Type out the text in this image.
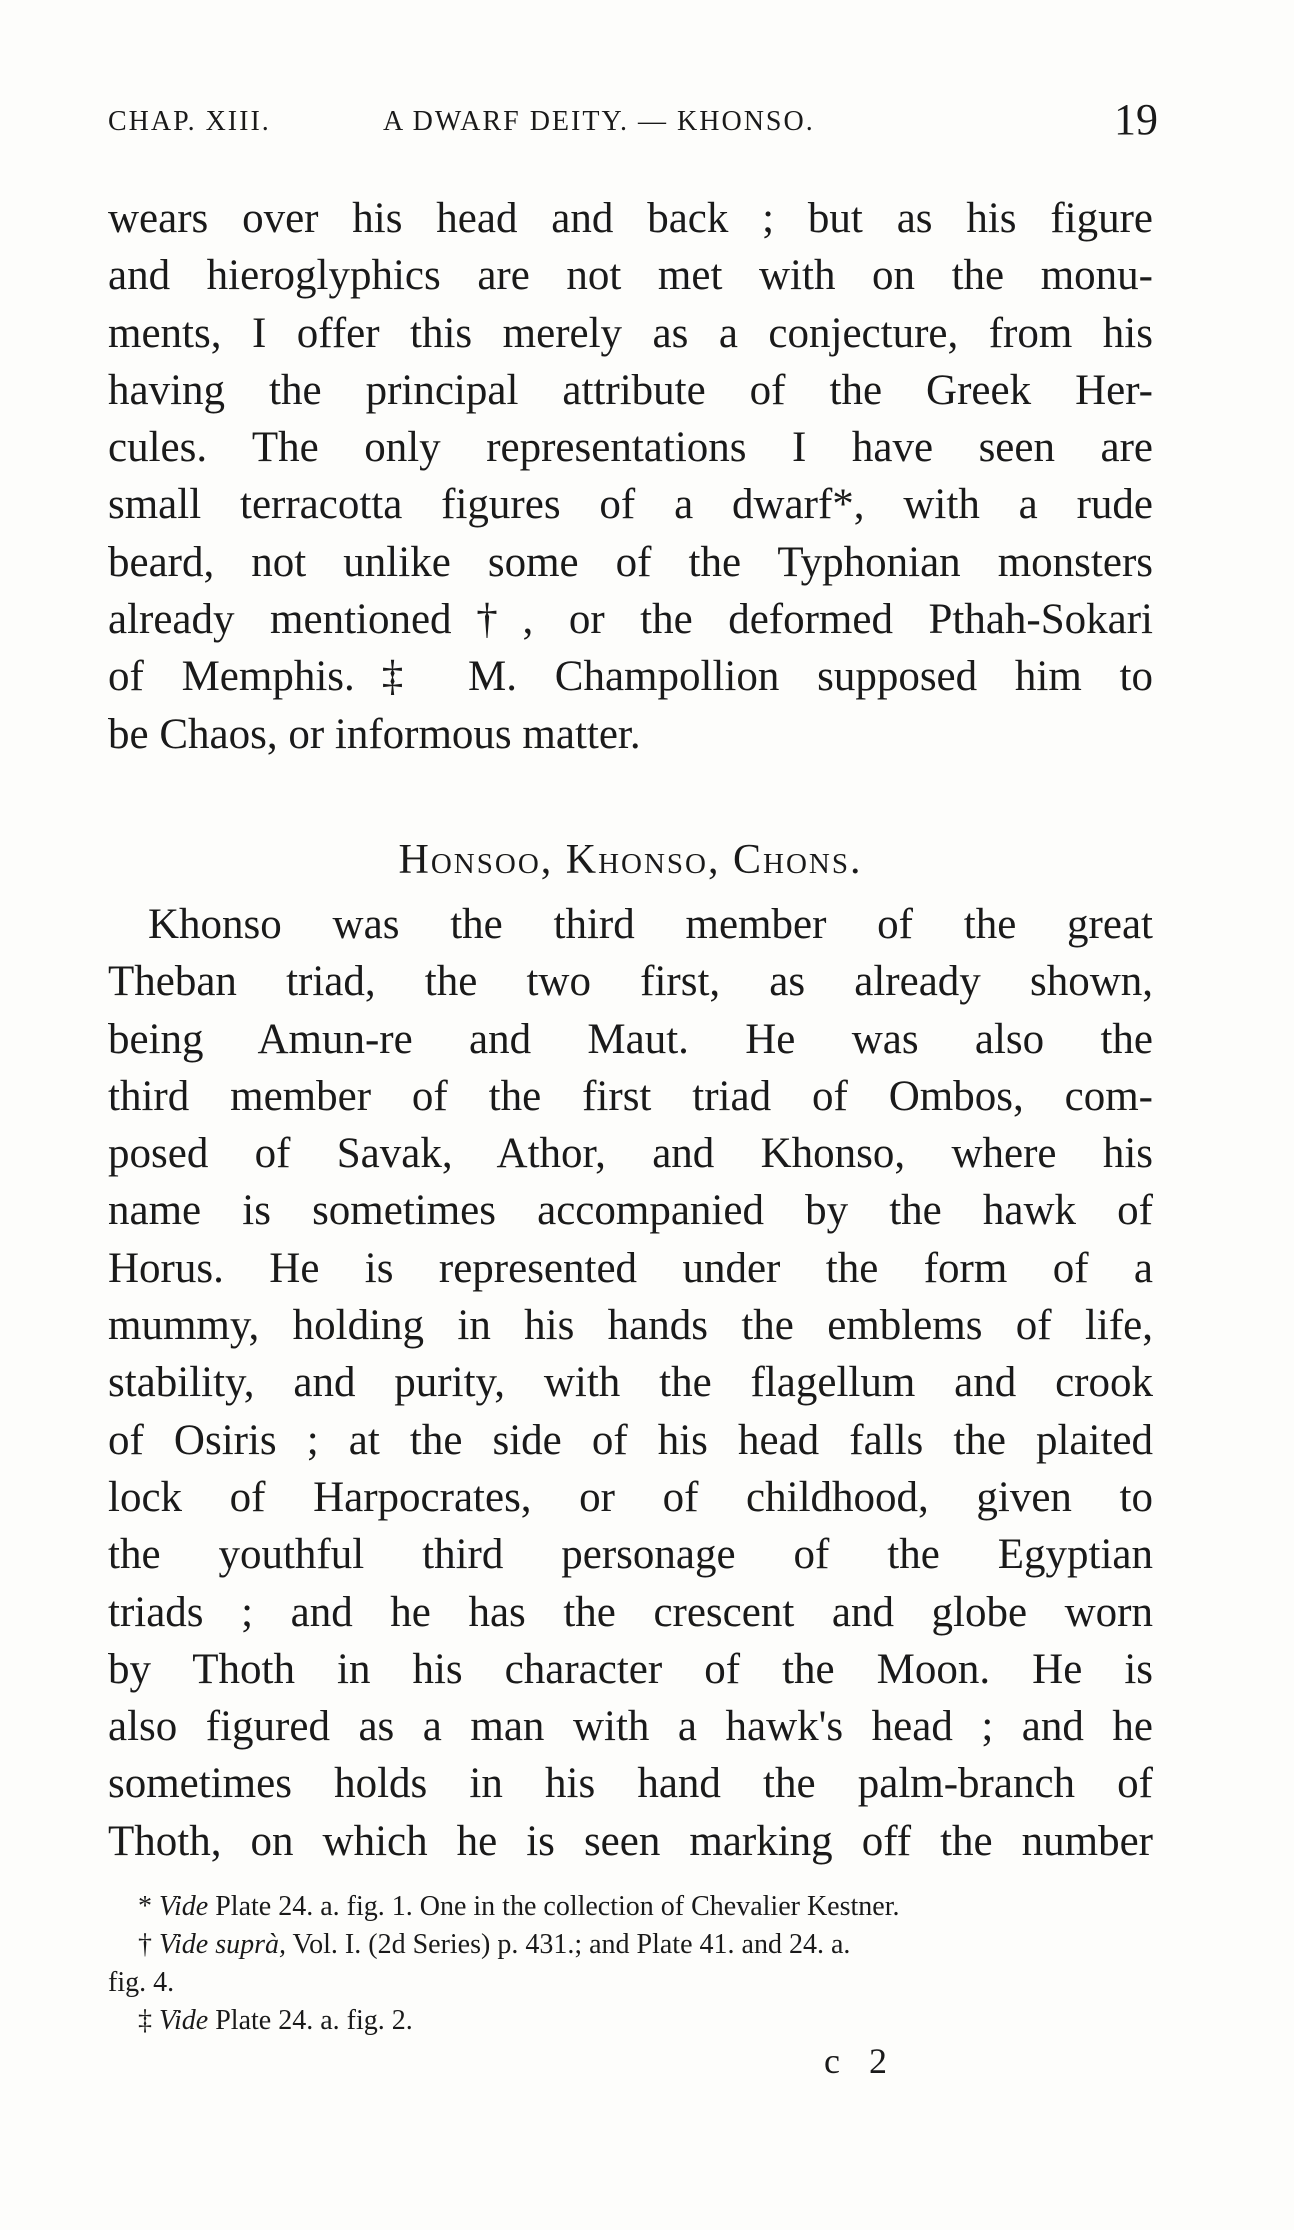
CHAP. XIII.	A DWARF DEITY. — KHONSO.	19
wears over his head and back ; but as his figure
and hieroglyphics are not met with on the monu-
ments, I offer this merely as a conjecture, from his
having the principal attribute of the Greek Her-
cules. The only representations I have seen are
small terracotta figures of a dwarf*, with a rude
beard, not unlike some of the Typhonian monsters
already mentioned†, or the deformed Pthah-Sokari
of Memphis.‡ M. Champollion supposed him to
be Chaos, or informous matter.
Honsoo, Khonso, Chons.
Khonso was the third member of the great
Theban triad, the two first, as already shown,
being Amun-re and Maut. He was also the
third member of the first triad of Ombos, com-
posed of Savak, Athor, and Khonso, where his
name is sometimes accompanied by the hawk of
Horus. He is represented under the form of a
mummy, holding in his hands the emblems of life,
stability, and purity, with the flagellum and crook
of Osiris ; at the side of his head falls the plaited
lock of Harpocrates, or of childhood, given to
the youthful third personage of the Egyptian
triads ; and he has the crescent and globe worn
by Thoth in his character of the Moon. He is
also figured as a man with a hawk's head ; and he
sometimes holds in his hand the palm-branch of
Thoth, on which he is seen marking off the number
* Vide Plate 24. a. fig. 1. One in the collection of Chevalier Kestner.
† Vide suprà, Vol. I. (2d Series) p. 431.; and Plate 41. and 24. a.
fig. 4.
‡ Vide Plate 24. a. fig. 2.
c 2
